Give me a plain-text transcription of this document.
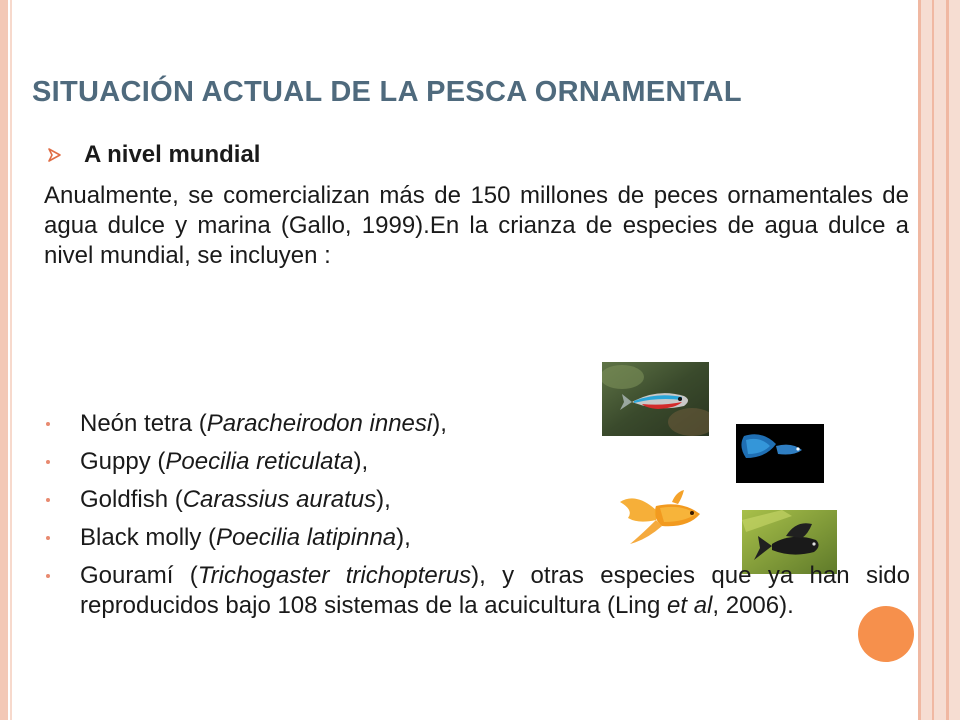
SITUACIÓN ACTUAL DE LA PESCA ORNAMENTAL
A nivel mundial
Anualmente, se comercializan más de 150 millones de peces ornamentales de agua dulce y marina (Gallo, 1999).En la crianza de especies de agua dulce a nivel mundial, se incluyen :
Neón tetra (Paracheirodon innesi),
Guppy (Poecilia reticulata),
Goldfish (Carassius auratus),
Black molly (Poecilia latipinna),
Gouramí (Trichogaster trichopterus), y otras especies que ya han sido reproducidos bajo 108 sistemas de la acuicultura (Ling et al, 2006).
